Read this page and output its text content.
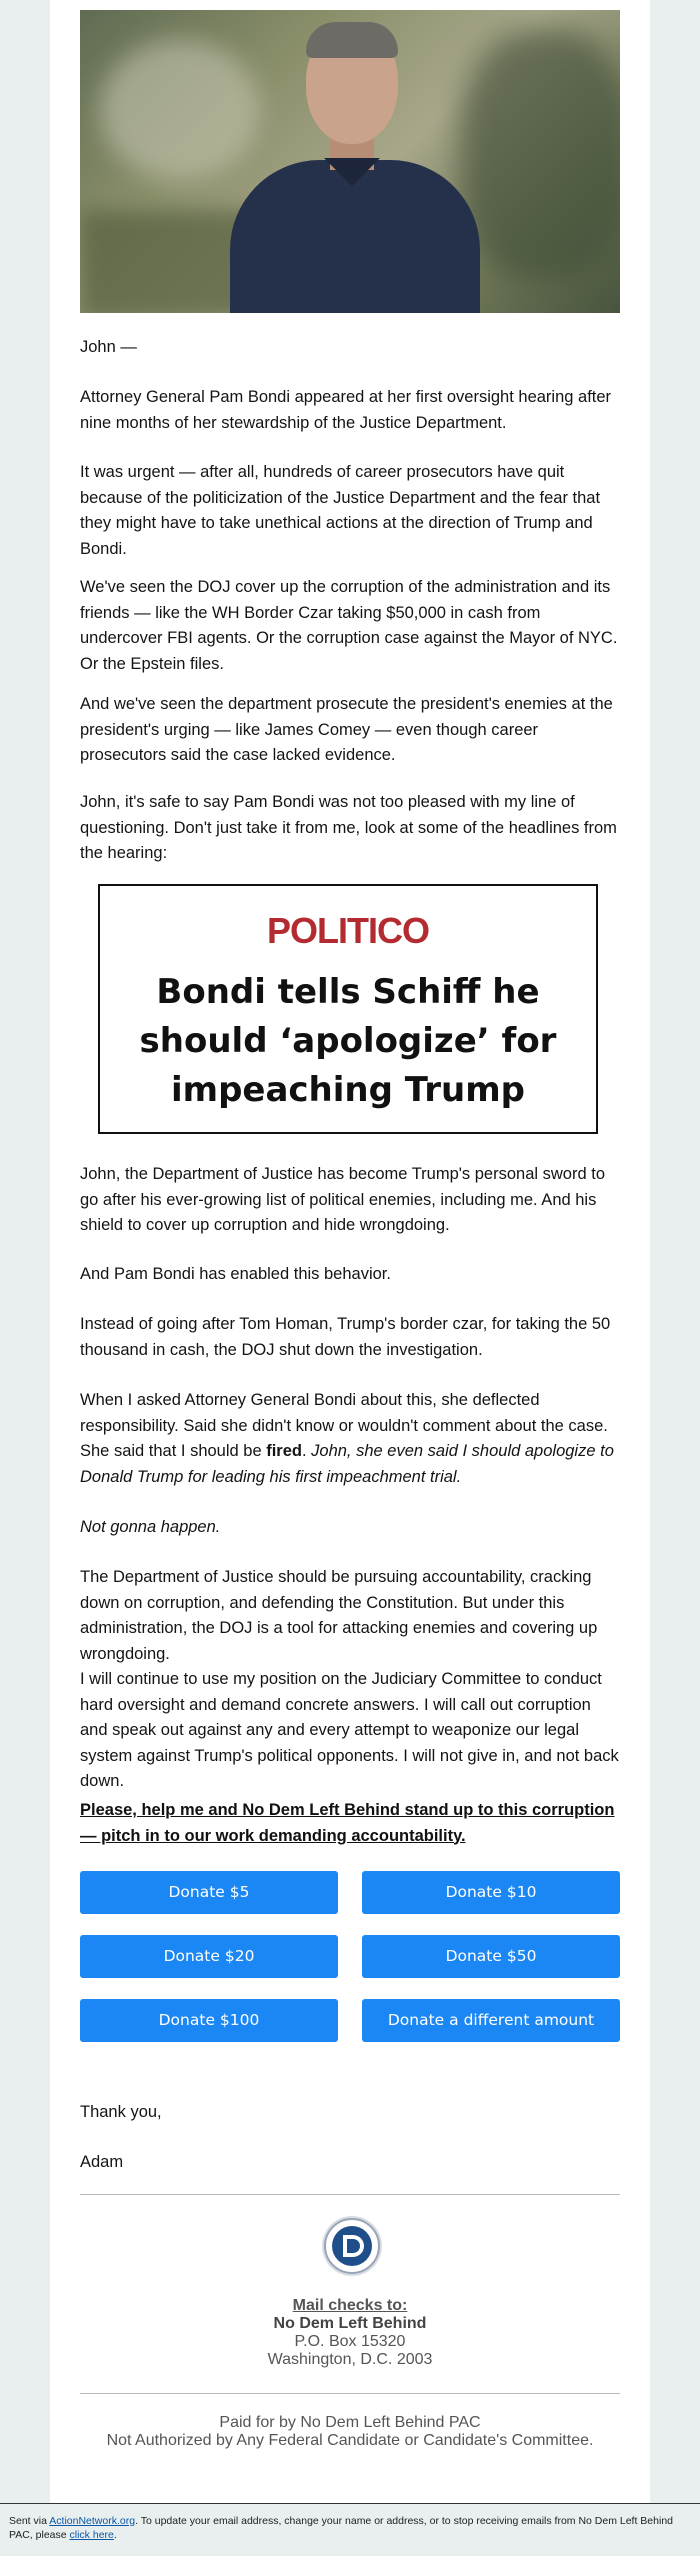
John —

Attorney General Pam Bondi appeared at her first oversight hearing after nine months of her stewardship of the Justice Department.

It was urgent — after all, hundreds of career prosecutors have quit because of the politicization of the Justice Department and the fear that they might have to take unethical actions at the direction of Trump and Bondi.

We've seen the DOJ cover up the corruption of the administration and its friends — like the WH Border Czar taking $50,000 in cash from undercover FBI agents. Or the corruption case against the Mayor of NYC. Or the Epstein files.

And we've seen the department prosecute the president's enemies at the president's urging — like James Comey — even though career prosecutors said the case lacked evidence.

John, it's safe to say Pam Bondi was not too pleased with my line of questioning. Don't just take it from me, look at some of the headlines from the hearing:

POLITICO
Bondi tells Schiff he should ‘apologize’ for impeaching Trump

John, the Department of Justice has become Trump's personal sword to go after his ever-growing list of political enemies, including me. And his shield to cover up corruption and hide wrongdoing.

And Pam Bondi has enabled this behavior.

Instead of going after Tom Homan, Trump's border czar, for taking the 50 thousand in cash, the DOJ shut down the investigation.

When I asked Attorney General Bondi about this, she deflected responsibility. Said she didn't know or wouldn't comment about the case. She said that I should be fired. John, she even said I should apologize to Donald Trump for leading his first impeachment trial.

Not gonna happen.

The Department of Justice should be pursuing accountability, cracking down on corruption, and defending the Constitution. But under this administration, the DOJ is a tool for attacking enemies and covering up wrongdoing.

I will continue to use my position on the Judiciary Committee to conduct hard oversight and demand concrete answers. I will call out corruption and speak out against any and every attempt to weaponize our legal system against Trump's political opponents. I will not give in, and not back down.

Please, help me and No Dem Left Behind stand up to this corruption — pitch in to our work demanding accountability.

Donate $5	Donate $10
Donate $20	Donate $50
Donate $100	Donate a different amount

Thank you,

Adam

Mail checks to:
No Dem Left Behind
P.O. Box 15320
Washington, D.C. 2003
Paid for by No Dem Left Behind PAC
Not Authorized by Any Federal Candidate or Candidate's Committee.
Sent via ActionNetwork.org. To update your email address, change your name or address, or to stop receiving emails from No Dem Left Behind PAC, please click here.
